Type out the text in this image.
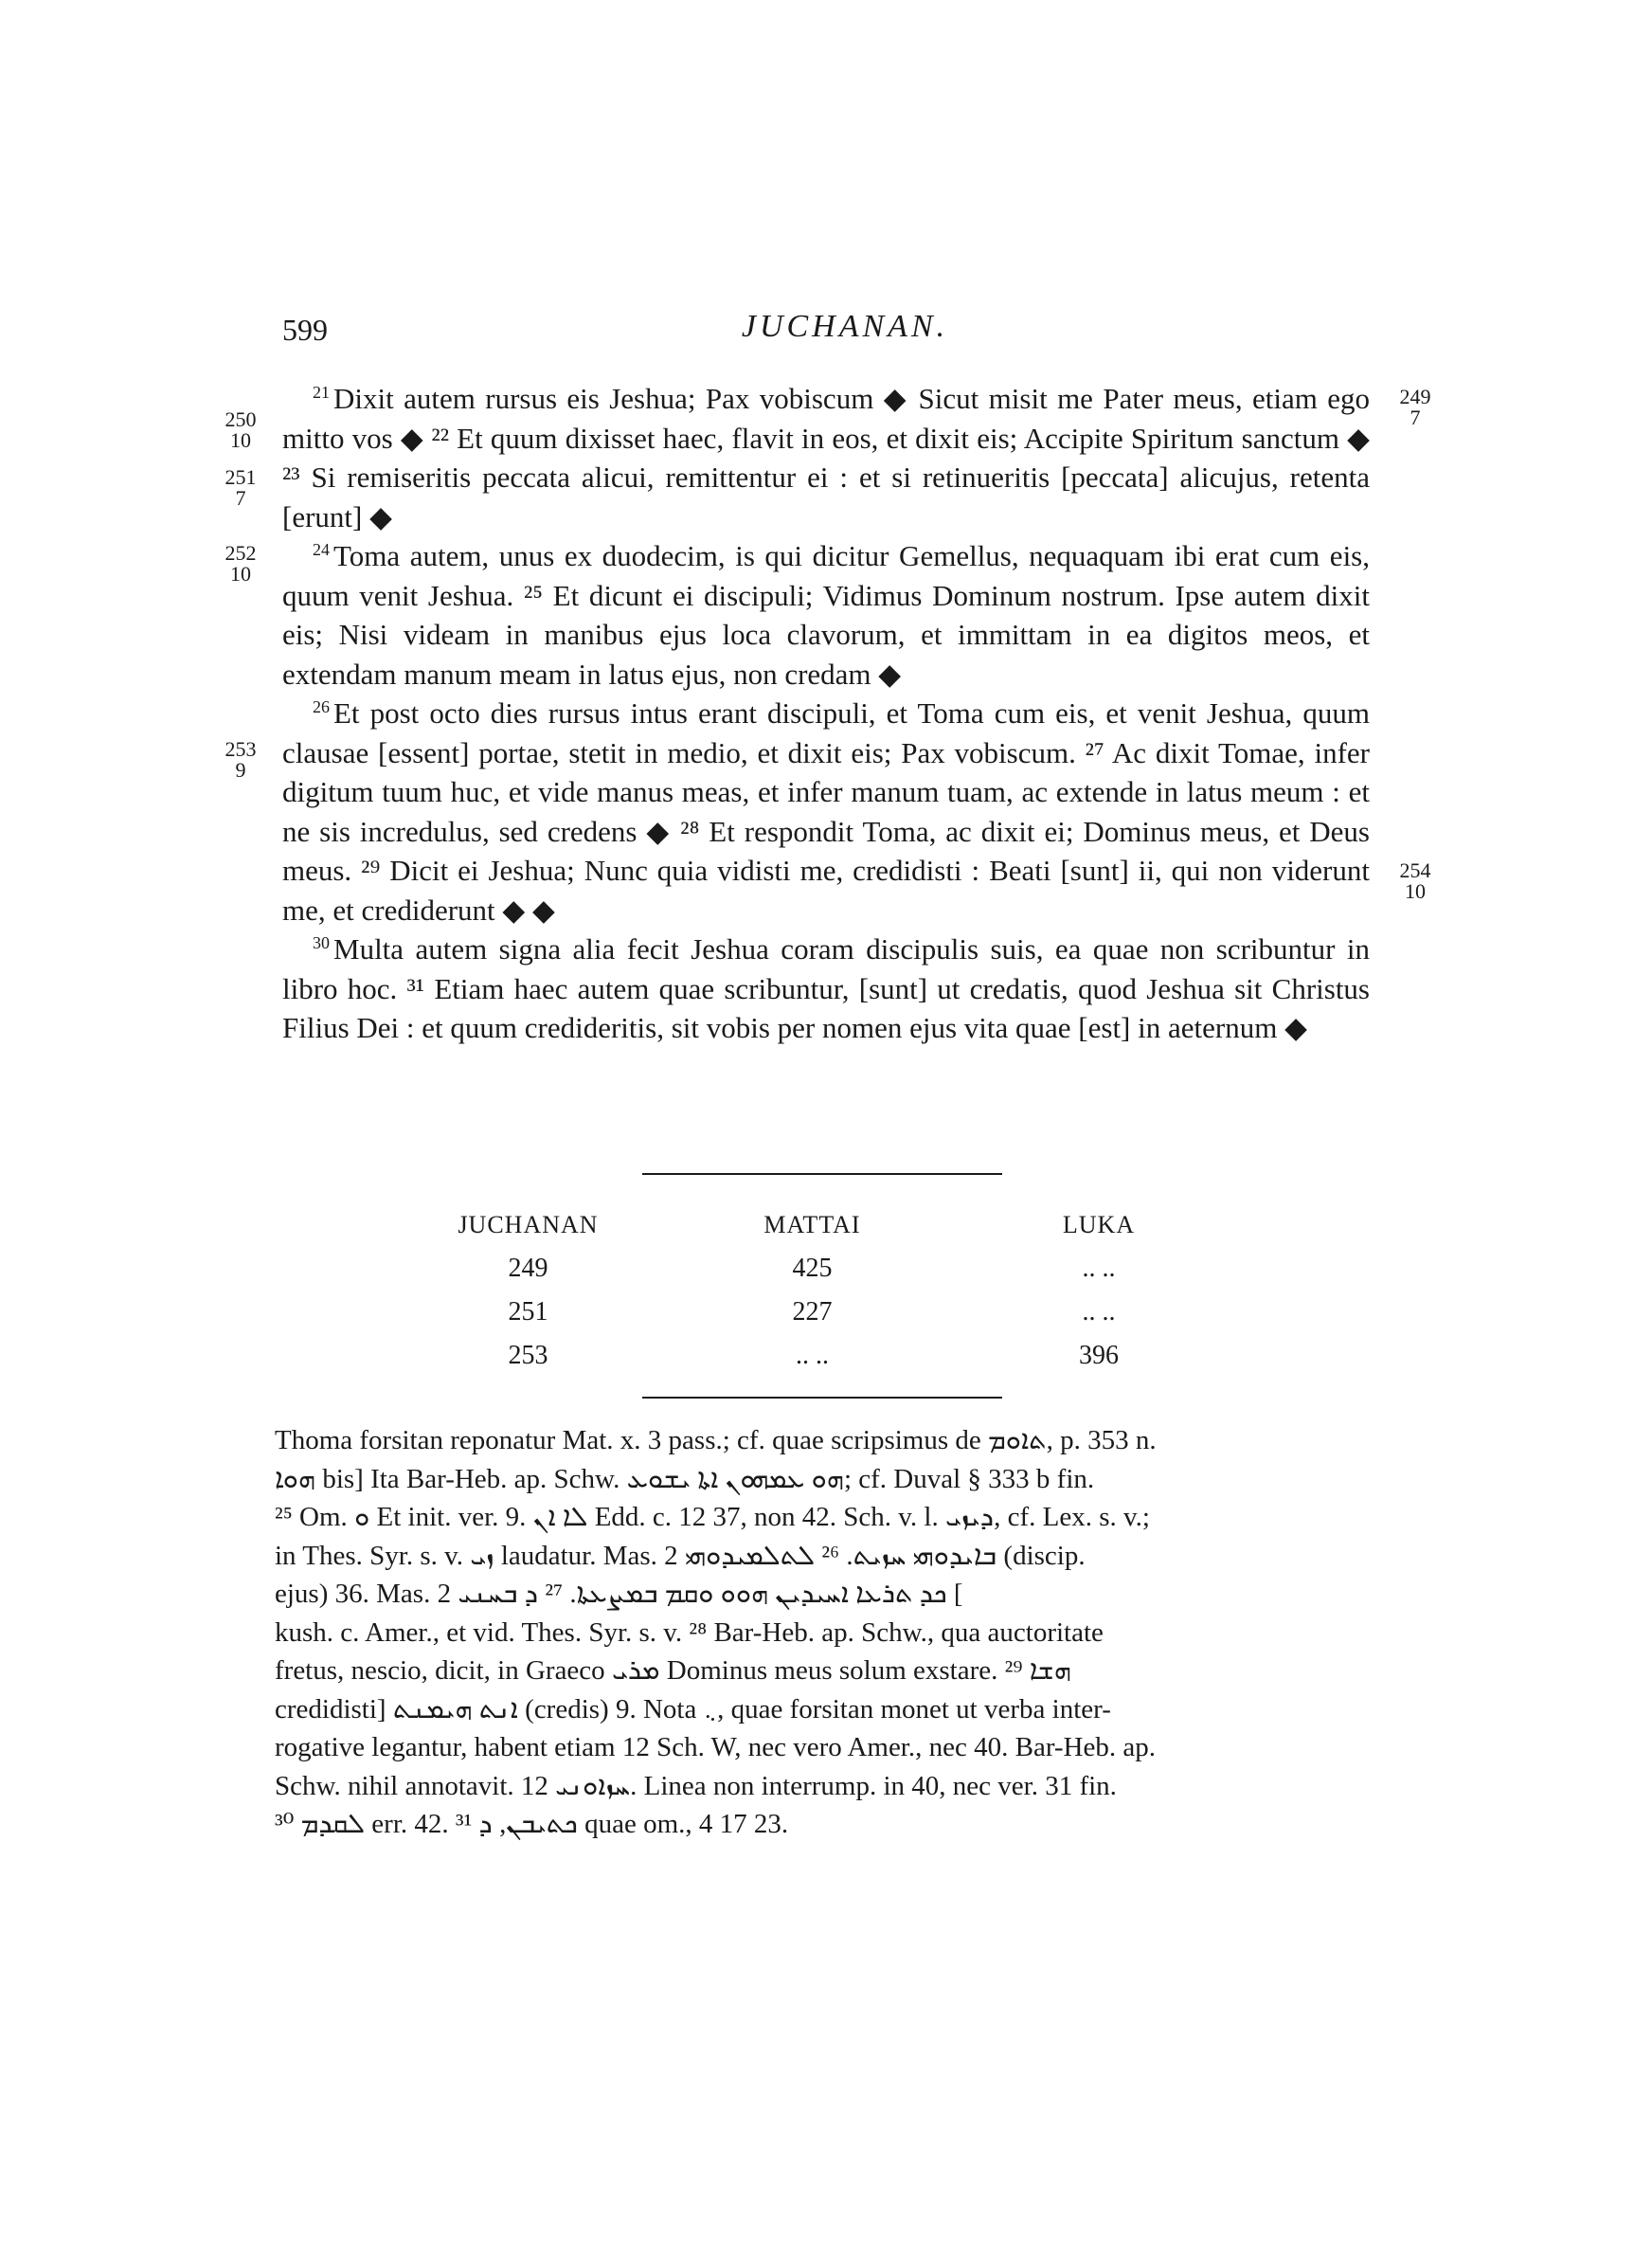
599	JUCHANAN.
250
10
251
7
252
10
253
9
249
7
254
10

$^{21}$ Dixit autem rursus eis Jeshua; Pax vobiscum ◆ Sicut misit me Pater meus, etiam ego mitto vos ◆ ²² Et quum dixisset haec, flavit in eos, et dixit eis; Accipite Spiritum sanctum ◆ ²³ Si remiseritis peccata alicui, remittentur ei : et si retinueritis [peccata] alicujus, retenta [erunt] ◆

$^{24}$ Toma autem, unus ex duodecim, is qui dicitur Gemellus, nequaquam ibi erat cum eis, quum venit Jeshua. ²⁵ Et dicunt ei discipuli; Vidimus Dominum nostrum. Ipse autem dixit eis; Nisi videam in manibus ejus loca clavorum, et immittam in ea digitos meos, et extendam manum meam in latus ejus, non credam ◆

$^{26}$ Et post octo dies rursus intus erant discipuli, et Toma cum eis, et venit Jeshua, quum clausae [essent] portae, stetit in medio, et dixit eis; Pax vobiscum. ²⁷ Ac dixit Tomae, infer digitum tuum huc, et vide manus meas, et infer manum tuam, ac extende in latus meum : et ne sis incredulus, sed credens ◆ ²⁸ Et respondit Toma, ac dixit ei; Dominus meus, et Deus meus. ²⁹ Dicit ei Jeshua; Nunc quia vidisti me, credidisti : Beati [sunt] ii, qui non viderunt me, et crediderunt ◆ ◆

$^{30}$ Multa autem signa alia fecit Jeshua coram discipulis suis, ea quae non scribuntur in libro hoc. ³¹ Etiam haec autem quae scribuntur, [sunt] ut credatis, quod Jeshua sit Christus Filius Dei : et quum credideritis, sit vobis per nomen ejus vita quae [est] in aeternum ◆

JUCHANAN	MATTAI	LUKA
249	425	.. ..
251	227	.. ..
253	.. ..	396

Thoma forsitan reponatur Mat. x. 3 pass.; cf. quae scripsimus de ܬܐܘܡ, p. 353 n.

ܗܘܐ bis] Ita Bar-Heb. ap. Schw. ܗܘ ܥܡܗܘܢ ܐܬܐ ܝܫܘܥ; cf. Duval § 333 b fin.

²⁵ Om. ܘ Et init. ver. 9. ܠܐ ܐܢ Edd. c. 12 37, non 42. Sch. v. l. ܕܝܙܝ, cf. Lex. s. v.;

in Thes. Syr. s. v. ܙܝ laudatur. Mas. 2 ܒܐܝܕܘܗܝ ܚܙܝܬ. ²⁶ ܠܬܠܡܝܕܘܗܝ (discip.

ejus) 36. Mas. 2 ܟܕ ܬܪܥܐ ܐܚܝܕܝܢ ܗܘܘ ܘܩܡ ܒܡܨܥܬܐ. ²⁷ ܕ ܒܚܢܝ [

kush. c. Amer., et vid. Thes. Syr. s. v. ²⁸ Bar-Heb. ap. Schw., qua auctoritate

fretus, nescio, dicit, in Graeco ܡܪܝ Dominus meus solum exstare. ²⁹ ܗܫܐ

credidisti] ܐܢܬ ܗܝܡܢܬ (credis) 9. Nota ܆, quae forsitan monet ut verba inter-

rogative legantur, habent etiam 12 Sch. W, nec vero Amer., nec 40. Bar-Heb. ap.

Schw. nihil annotavit. ܚܙܐܘܢܝ 12. Linea non interrump. in 40, nec ver. 31 fin.

³⁰ ܠܩܕܡ err. 42. ³¹ ܟܬܝܒܢ, ܕ quae om., 4 17 23.
